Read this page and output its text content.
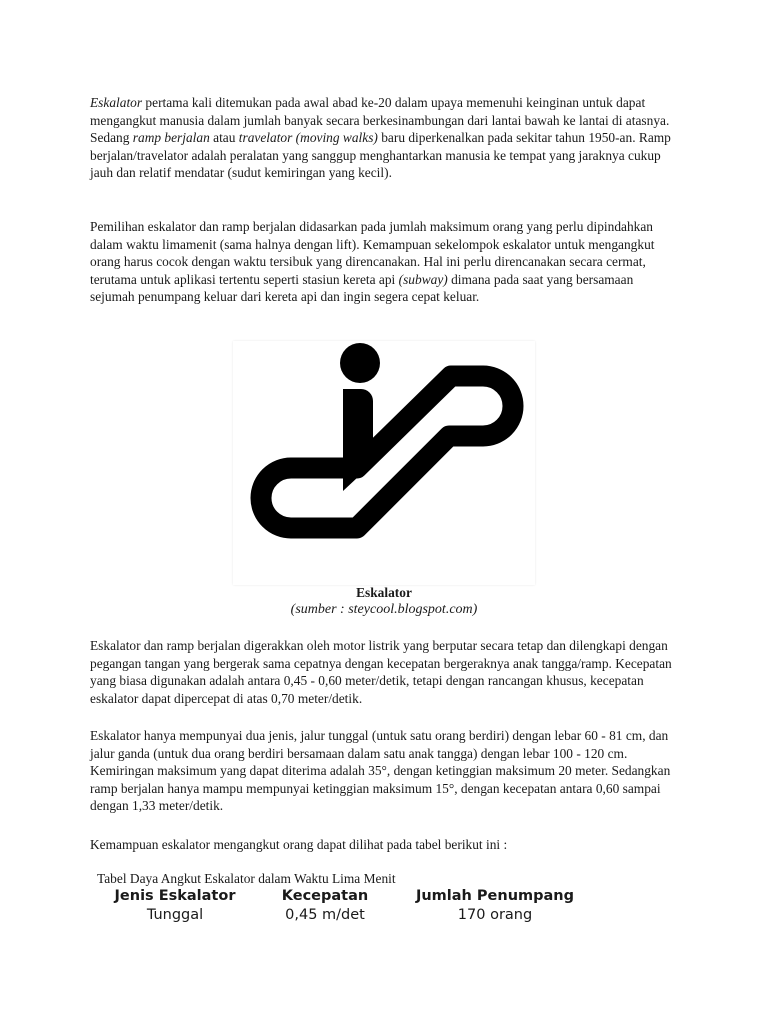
Eskalator pertama kali ditemukan pada awal abad ke-20 dalam upaya memenuhi keinginan untuk dapat mengangkut manusia dalam jumlah banyak secara berkesinambungan dari lantai bawah ke lantai di atasnya. Sedang ramp berjalan atau travelator (moving walks) baru diperkenalkan pada sekitar tahun 1950-an. Ramp berjalan/travelator adalah peralatan yang sanggup menghantarkan manusia ke tempat yang jaraknya cukup jauh dan relatif mendatar (sudut kemiringan yang kecil).

Pemilihan eskalator dan ramp berjalan didasarkan pada jumlah maksimum orang yang perlu dipindahkan dalam waktu limamenit (sama halnya dengan lift). Kemampuan sekelompok eskalator untuk mengangkut orang harus cocok dengan waktu tersibuk yang direncanakan. Hal ini perlu direncanakan secara cermat, terutama untuk aplikasi tertentu seperti stasiun kereta api (subway) dimana pada saat yang bersamaan sejumah penumpang keluar dari kereta api dan ingin segera cepat keluar.

Eskalator

(sumber : steycool.blogspot.com)

Eskalator dan ramp berjalan digerakkan oleh motor listrik yang berputar secara tetap dan dilengkapi dengan pegangan tangan yang bergerak sama cepatnya dengan kecepatan bergeraknya anak tangga/ramp. Kecepatan yang biasa digunakan adalah antara 0,45 - 0,60 meter/detik, tetapi dengan rancangan khusus, kecepatan eskalator dapat dipercepat di atas 0,70 meter/detik.

Eskalator hanya mempunyai dua jenis, jalur tunggal (untuk satu orang berdiri) dengan lebar 60 - 81 cm, dan jalur ganda (untuk dua orang berdiri bersamaan dalam satu anak tangga) dengan lebar 100 - 120 cm. Kemiringan maksimum yang dapat diterima adalah 35°, dengan ketinggian maksimum 20 meter. Sedangkan ramp berjalan hanya mampu mempunyai ketinggian maksimum 15°, dengan kecepatan antara 0,60 sampai dengan 1,33 meter/detik.

Kemampuan eskalator mengangkut orang dapat dilihat pada tabel berikut ini :

Tabel Daya Angkut Eskalator dalam Waktu Lima Menit

Jenis Eskalator	Kecepatan	Jumlah Penumpang
Tunggal	0,45 m/det	170 orang
